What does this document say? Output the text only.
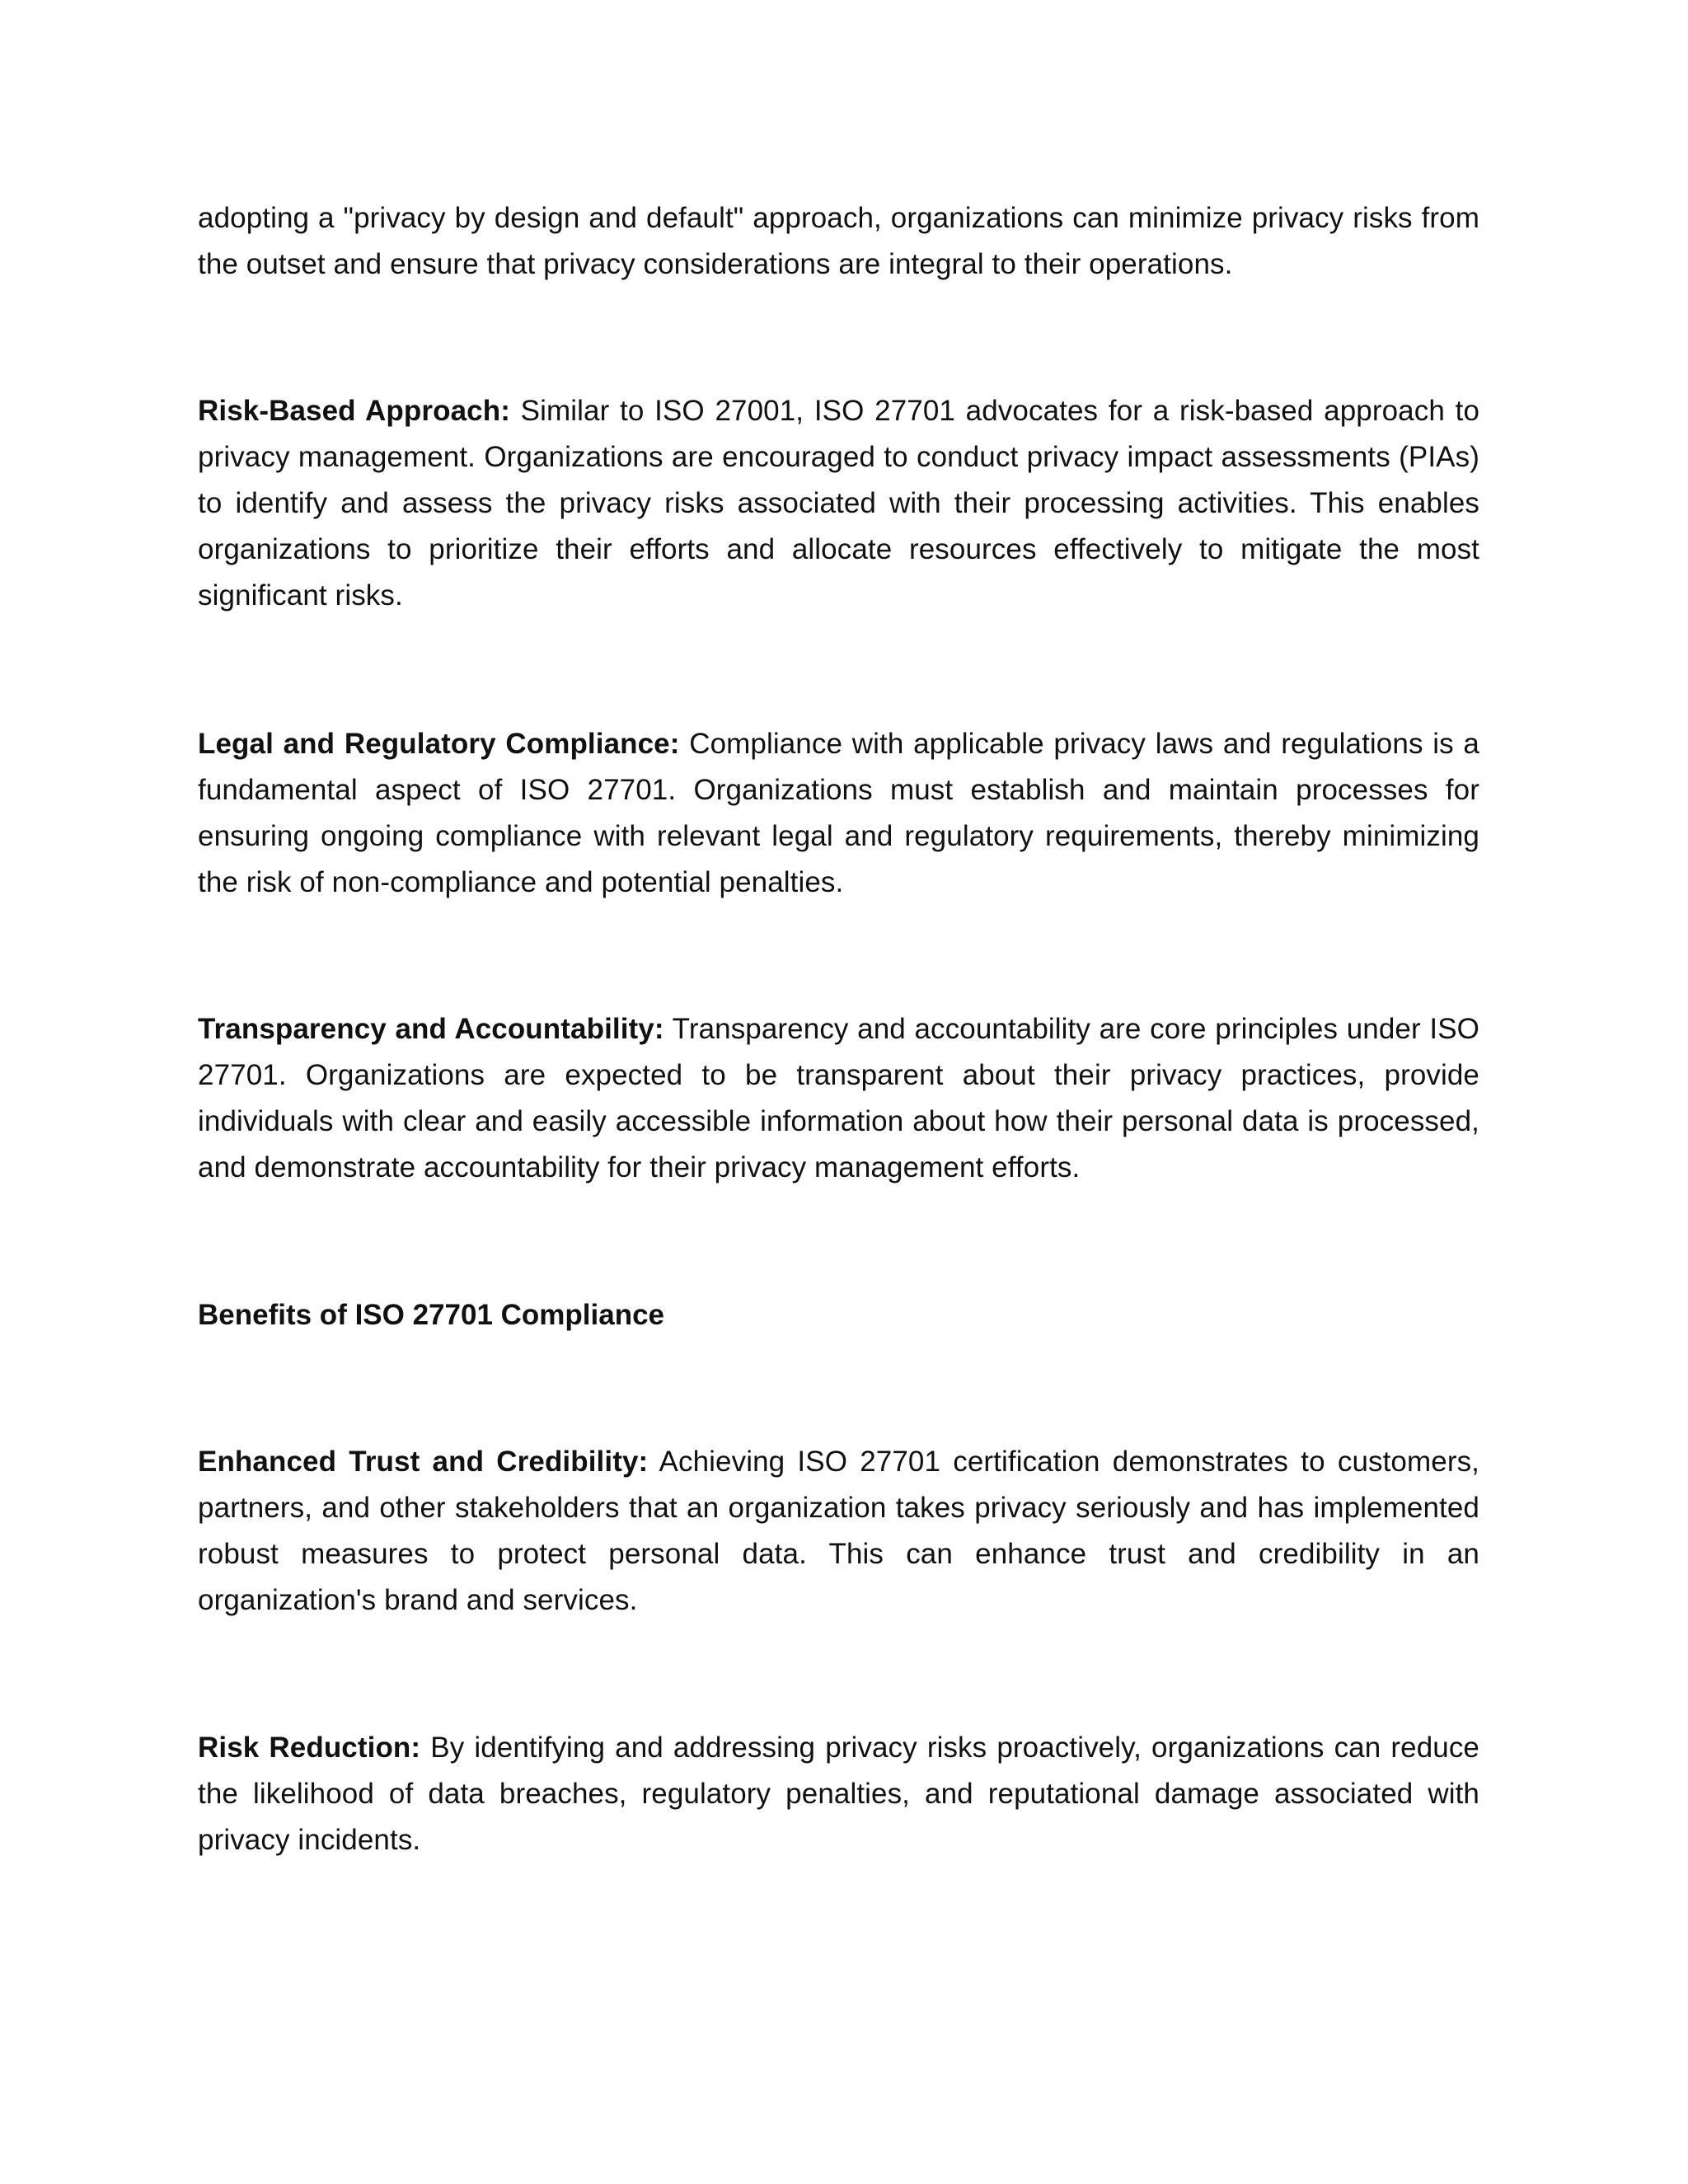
adopting a "privacy by design and default" approach, organizations can minimize privacy risks from the outset and ensure that privacy considerations are integral to their operations.

Risk-Based Approach: Similar to ISO 27001, ISO 27701 advocates for a risk-based approach to privacy management. Organizations are encouraged to conduct privacy impact assessments (PIAs) to identify and assess the privacy risks associated with their processing activities. This enables organizations to prioritize their efforts and allocate resources effectively to mitigate the most significant risks.

Legal and Regulatory Compliance: Compliance with applicable privacy laws and regulations is a fundamental aspect of ISO 27701. Organizations must establish and maintain processes for ensuring ongoing compliance with relevant legal and regulatory requirements, thereby minimizing the risk of non-compliance and potential penalties.

Transparency and Accountability: Transparency and accountability are core principles under ISO 27701. Organizations are expected to be transparent about their privacy practices, provide individuals with clear and easily accessible information about how their personal data is processed, and demonstrate accountability for their privacy management efforts.

Benefits of ISO 27701 Compliance

Enhanced Trust and Credibility: Achieving ISO 27701 certification demonstrates to customers, partners, and other stakeholders that an organization takes privacy seriously and has implemented robust measures to protect personal data. This can enhance trust and credibility in an organization's brand and services.

Risk Reduction: By identifying and addressing privacy risks proactively, organizations can reduce the likelihood of data breaches, regulatory penalties, and reputational damage associated with privacy incidents.
